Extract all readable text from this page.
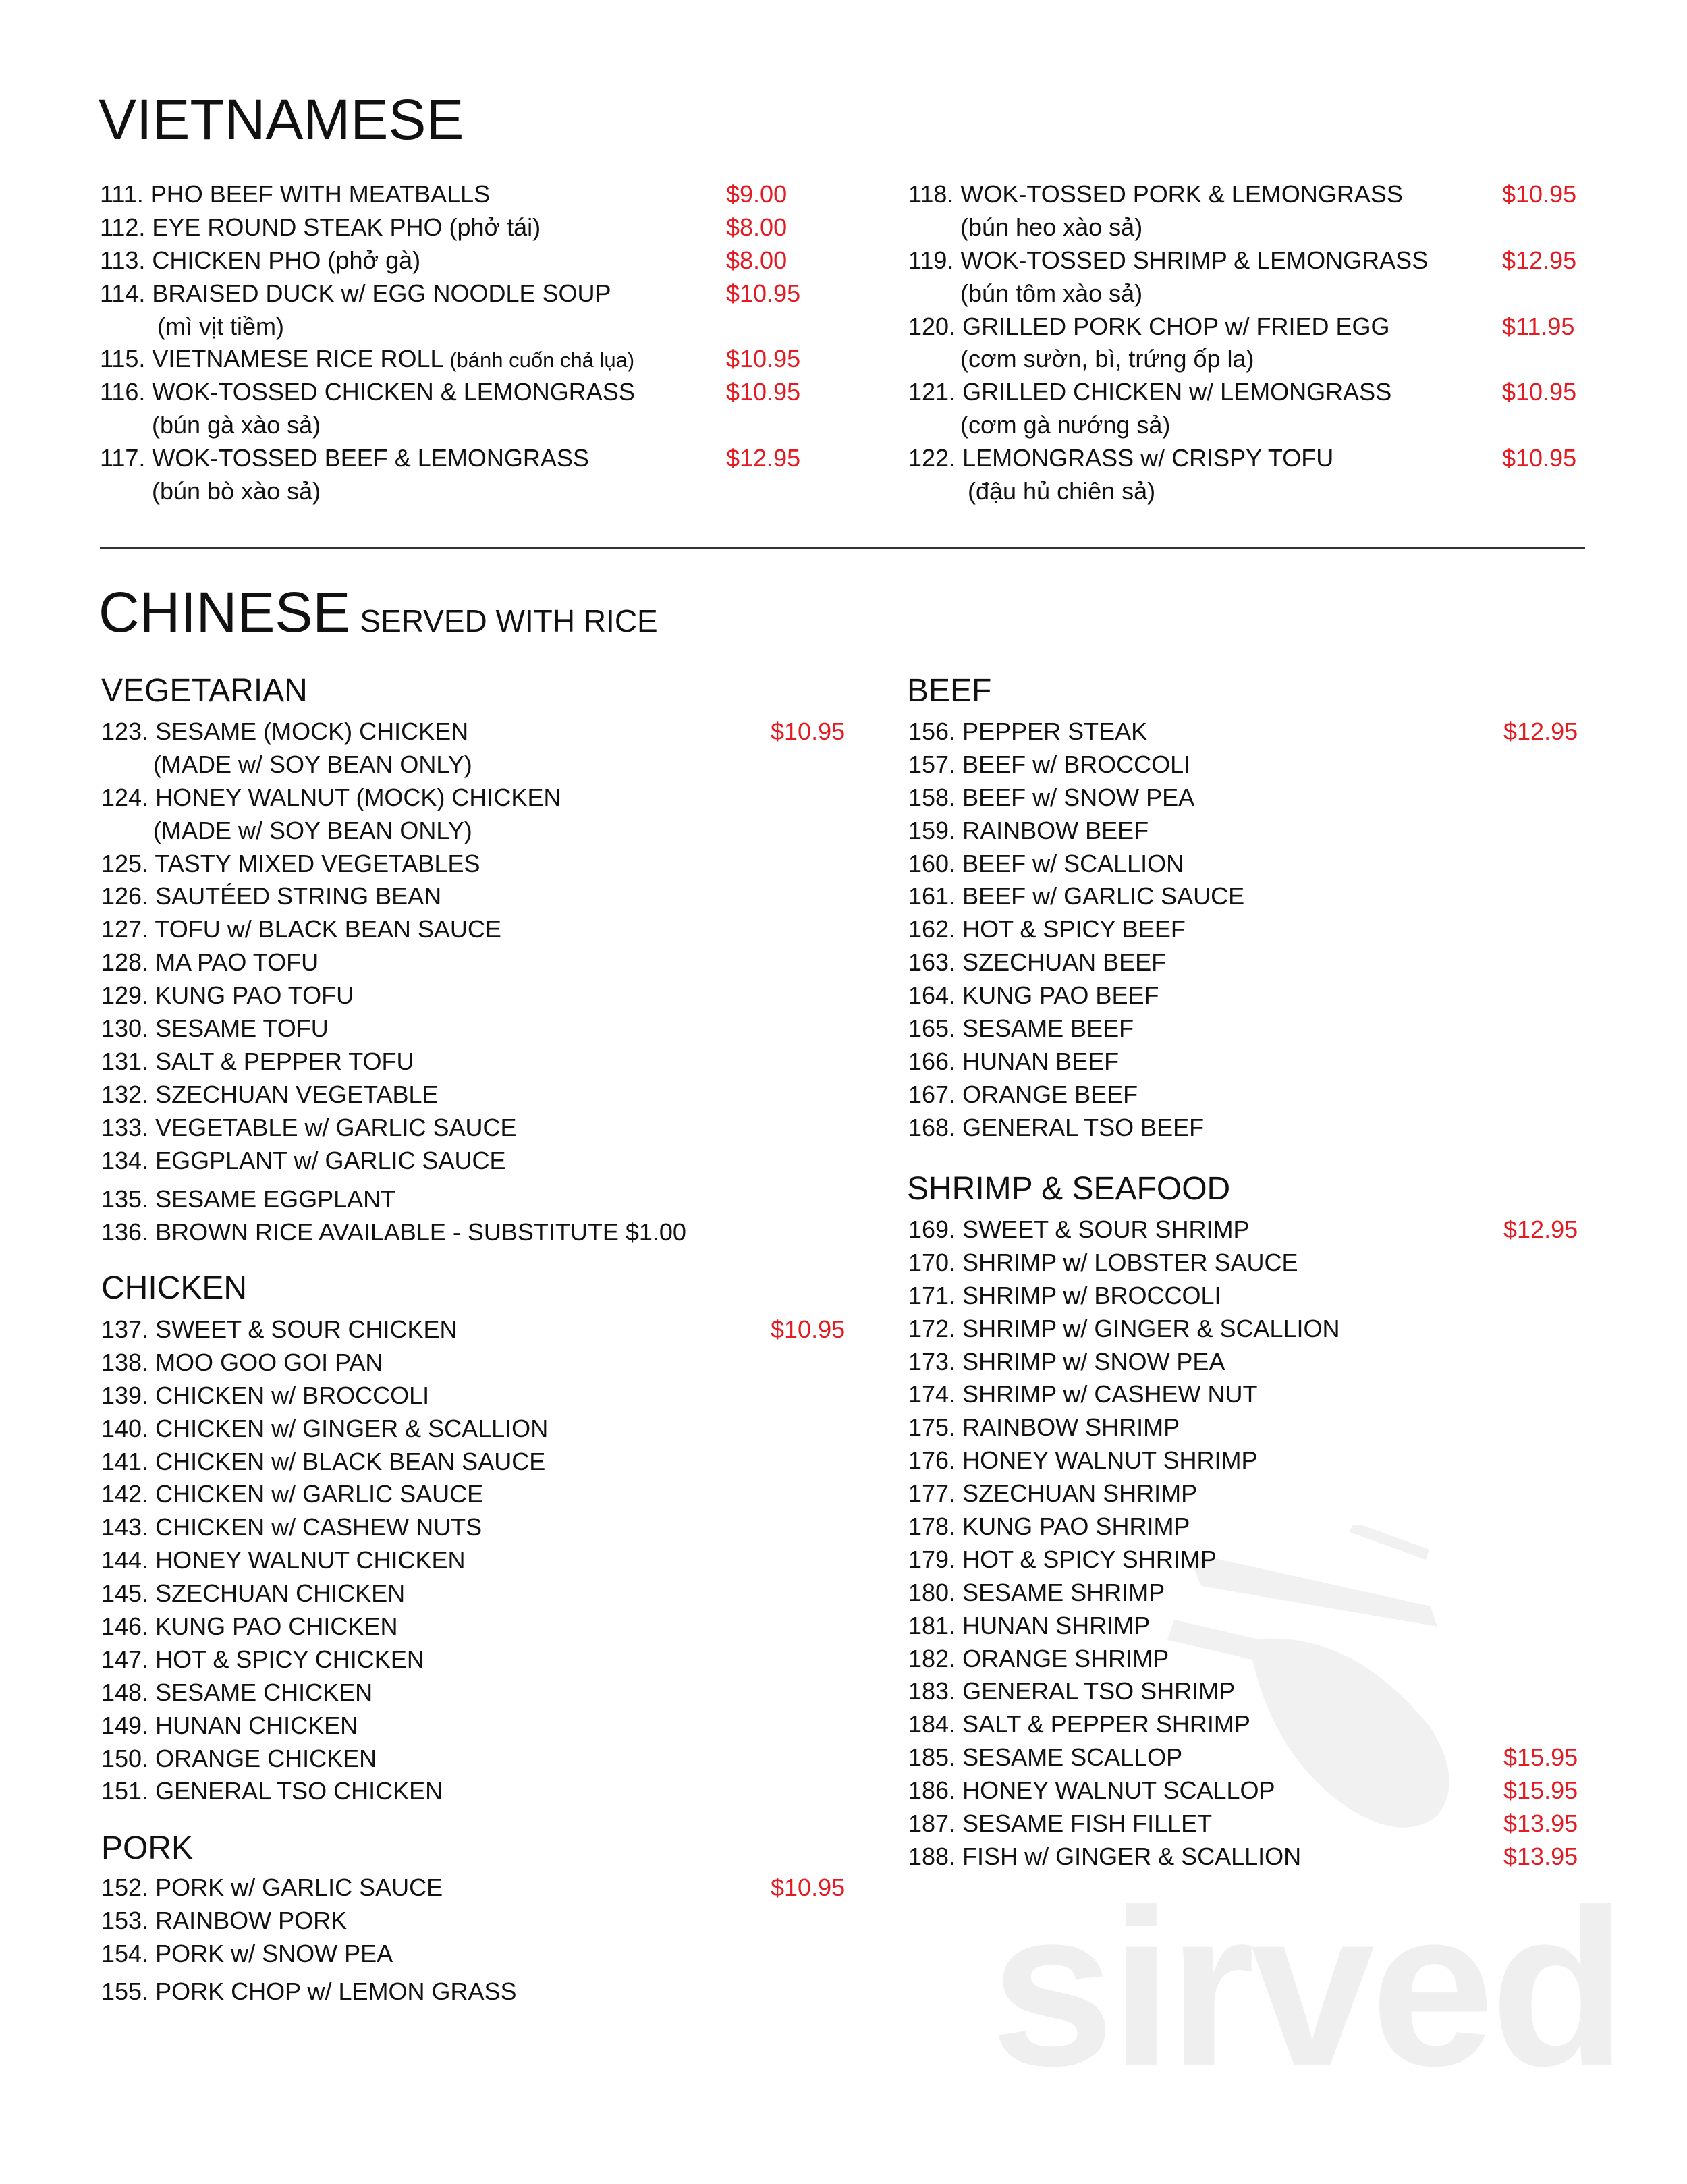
sirved
VIETNAMESE
111. PHO BEEF WITH MEATBALLS	$9.00
112. EYE ROUND STEAK PHO (phở tái)	$8.00
113. CHICKEN PHO (phở gà)	$8.00
114. BRAISED DUCK w/ EGG NOODLE SOUP	$10.95
(mì vịt tiềm)
115. VIETNAMESE RICE ROLL (bánh cuốn chả lụa)	$10.95
116. WOK-TOSSED CHICKEN & LEMONGRASS	$10.95
(bún gà xào sả)
117. WOK-TOSSED BEEF & LEMONGRASS	$12.95
(bún bò xào sả)
118. WOK-TOSSED PORK & LEMONGRASS	$10.95
(bún heo xào sả)
119. WOK-TOSSED SHRIMP & LEMONGRASS	$12.95
(bún tôm xào sả)
120. GRILLED PORK CHOP w/ FRIED EGG	$11.95
(cơm sườn, bì, trứng ốp la)
121. GRILLED CHICKEN w/ LEMONGRASS	$10.95
(cơm gà nướng sả)
122. LEMONGRASS w/ CRISPY TOFU	$10.95
(đậu hủ chiên sả)
CHINESE SERVED WITH RICE
VEGETARIAN
123. SESAME (MOCK) CHICKEN	$10.95
(MADE w/ SOY BEAN ONLY)
124. HONEY WALNUT (MOCK) CHICKEN
(MADE w/ SOY BEAN ONLY)
125. TASTY MIXED VEGETABLES
126. SAUTÉED STRING BEAN
127. TOFU w/ BLACK BEAN SAUCE
128. MA PAO TOFU
129. KUNG PAO TOFU
130. SESAME TOFU
131. SALT & PEPPER TOFU
132. SZECHUAN VEGETABLE
133. VEGETABLE w/ GARLIC SAUCE
134. EGGPLANT w/ GARLIC SAUCE
135. SESAME EGGPLANT
136. BROWN RICE AVAILABLE - SUBSTITUTE $1.00
CHICKEN
137. SWEET & SOUR CHICKEN	$10.95
138. MOO GOO GOI PAN
139. CHICKEN w/ BROCCOLI
140. CHICKEN w/ GINGER & SCALLION
141. CHICKEN w/ BLACK BEAN SAUCE
142. CHICKEN w/ GARLIC SAUCE
143. CHICKEN w/ CASHEW NUTS
144. HONEY WALNUT CHICKEN
145. SZECHUAN CHICKEN
146. KUNG PAO CHICKEN
147. HOT & SPICY CHICKEN
148. SESAME CHICKEN
149. HUNAN CHICKEN
150. ORANGE CHICKEN
151. GENERAL TSO CHICKEN
PORK
152. PORK w/ GARLIC SAUCE	$10.95
153. RAINBOW PORK
154. PORK w/ SNOW PEA
155. PORK CHOP w/ LEMON GRASS
BEEF
156. PEPPER STEAK	$12.95
157. BEEF w/ BROCCOLI
158. BEEF w/ SNOW PEA
159. RAINBOW BEEF
160. BEEF w/ SCALLION
161. BEEF w/ GARLIC SAUCE
162. HOT & SPICY BEEF
163. SZECHUAN BEEF
164. KUNG PAO BEEF
165. SESAME BEEF
166. HUNAN BEEF
167. ORANGE BEEF
168. GENERAL TSO BEEF
SHRIMP & SEAFOOD
169. SWEET & SOUR SHRIMP	$12.95
170. SHRIMP w/ LOBSTER SAUCE
171. SHRIMP w/ BROCCOLI
172. SHRIMP w/ GINGER & SCALLION
173. SHRIMP w/ SNOW PEA
174. SHRIMP w/ CASHEW NUT
175. RAINBOW SHRIMP
176. HONEY WALNUT SHRIMP
177. SZECHUAN SHRIMP
178. KUNG PAO SHRIMP
179. HOT & SPICY SHRIMP
180. SESAME SHRIMP
181. HUNAN SHRIMP
182. ORANGE SHRIMP
183. GENERAL TSO SHRIMP
184. SALT & PEPPER SHRIMP
185. SESAME SCALLOP	$15.95
186. HONEY WALNUT SCALLOP	$15.95
187. SESAME FISH FILLET	$13.95
188. FISH w/ GINGER & SCALLION	$13.95
